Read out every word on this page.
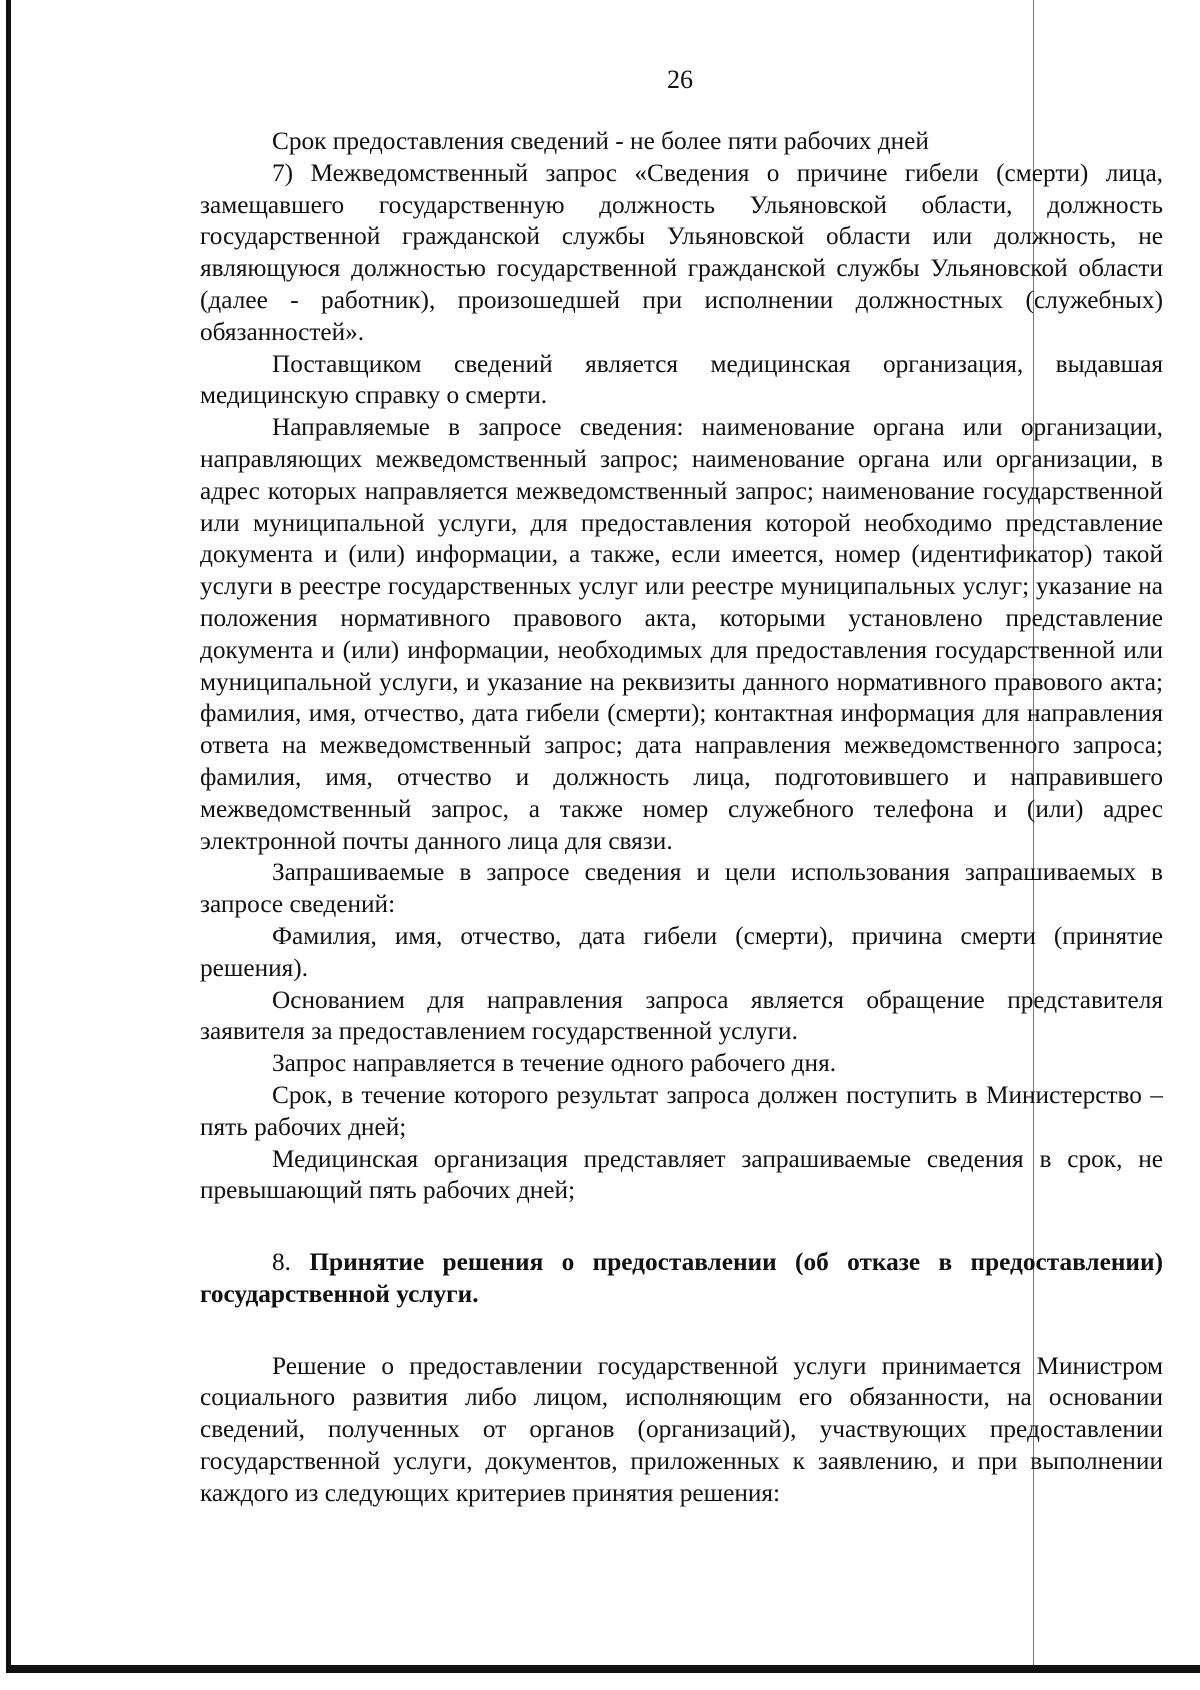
26

Срок предоставления сведений - не более пяти рабочих дней

7) Межведомственный запрос «Сведения о причине гибели (смерти) лица, замещавшего государственную должность Ульяновской области, должность государственной гражданской службы Ульяновской области или должность, не являющуюся должностью государственной гражданской службы Ульяновской области (далее - работник), произошедшей при исполнении должностных (служебных) обязанностей».

Поставщиком сведений является медицинская организация, выдавшая медицинскую справку о смерти.

Направляемые в запросе сведения: наименование органа или организации, направляющих межведомственный запрос; наименование органа или организации, в адрес которых направляется межведомственный запрос; наименование государственной или муниципальной услуги, для предоставления которой необходимо представление документа и (или) информации, а также, если имеется, номер (идентификатор) такой услуги в реестре государственных услуг или реестре муниципальных услуг; указание на положения нормативного правового акта, которыми установлено представление документа и (или) информации, необходимых для предоставления государственной или муниципальной услуги, и указание на реквизиты данного нормативного правового акта; фамилия, имя, отчество, дата гибели (смерти); контактная информация для направления ответа на межведомственный запрос; дата направления межведомственного запроса; фамилия, имя, отчество и должность лица, подготовившего и направившего межведомственный запрос, а также номер служебного телефона и (или) адрес электронной почты данного лица для связи.

Запрашиваемые в запросе сведения и цели использования запрашиваемых в запросе сведений:

Фамилия, имя, отчество, дата гибели (смерти), причина смерти (принятие решения).

Основанием для направления запроса является обращение представителя заявителя за предоставлением государственной услуги.

Запрос направляется в течение одного рабочего дня.

Срок, в течение которого результат запроса должен поступить в Министерство – пять рабочих дней;

Медицинская организация представляет запрашиваемые сведения в срок, не превышающий пять рабочих дней;

8. Принятие решения о предоставлении (об отказе в предоставлении) государственной услуги.

Решение о предоставлении государственной услуги принимается Министром социального развития либо лицом, исполняющим его обязанности, на основании сведений, полученных от органов (организаций), участвующих предоставлении государственной услуги, документов, приложенных к заявлению, и при выполнении каждого из следующих критериев принятия решения:
